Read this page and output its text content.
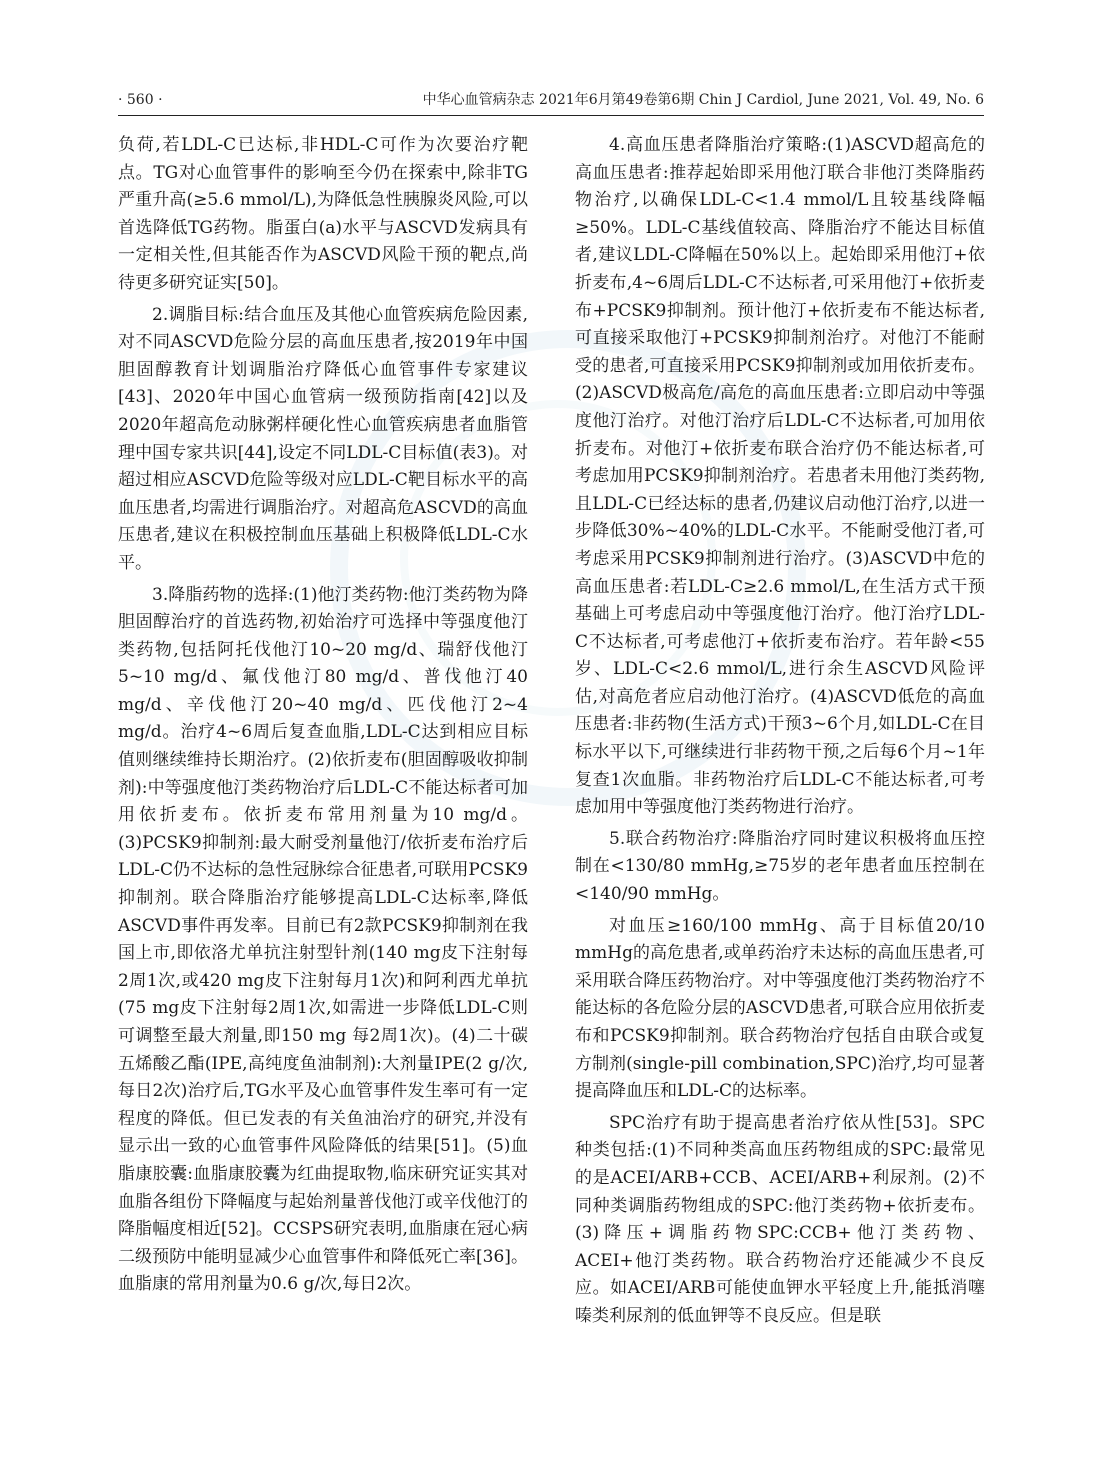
· 560 ·	中华心血管病杂志 2021年6月第49卷第6期 Chin J Cardiol, June 2021, Vol. 49, No. 6

负荷,若LDL-C已达标,非HDL-C可作为次要治疗靶点。TG对心血管事件的影响至今仍在探索中,除非TG严重升高(≥5.6 mmol/L),为降低急性胰腺炎风险,可以首选降低TG药物。脂蛋白(a)水平与ASCVD发病具有一定相关性,但其能否作为ASCVD风险干预的靶点,尚待更多研究证实[50]。

2.调脂目标:结合血压及其他心血管疾病危险因素,对不同ASCVD危险分层的高血压患者,按2019年中国胆固醇教育计划调脂治疗降低心血管事件专家建议[43]、2020年中国心血管病一级预防指南[42]以及2020年超高危动脉粥样硬化性心血管疾病患者血脂管理中国专家共识[44],设定不同LDL-C目标值(表3)。对超过相应ASCVD危险等级对应LDL-C靶目标水平的高血压患者,均需进行调脂治疗。对超高危ASCVD的高血压患者,建议在积极控制血压基础上积极降低LDL-C水平。

3.降脂药物的选择:(1)他汀类药物:他汀类药物为降胆固醇治疗的首选药物,初始治疗可选择中等强度他汀类药物,包括阿托伐他汀10~20 mg/d、瑞舒伐他汀5~10 mg/d、氟伐他汀80 mg/d、普伐他汀40 mg/d、辛伐他汀20~40 mg/d、匹伐他汀2~4 mg/d。治疗4~6周后复查血脂,LDL-C达到相应目标值则继续维持长期治疗。(2)依折麦布(胆固醇吸收抑制剂):中等强度他汀类药物治疗后LDL-C不能达标者可加用依折麦布。依折麦布常用剂量为10 mg/d。(3)PCSK9抑制剂:最大耐受剂量他汀/依折麦布治疗后LDL-C仍不达标的急性冠脉综合征患者,可联用PCSK9抑制剂。联合降脂治疗能够提高LDL-C达标率,降低ASCVD事件再发率。目前已有2款PCSK9抑制剂在我国上市,即依洛尤单抗注射型针剂(140 mg皮下注射每2周1次,或420 mg皮下注射每月1次)和阿利西尤单抗(75 mg皮下注射每2周1次,如需进一步降低LDL-C则可调整至最大剂量,即150 mg 每2周1次)。(4)二十碳五烯酸乙酯(IPE,高纯度鱼油制剂):大剂量IPE(2 g/次,每日2次)治疗后,TG水平及心血管事件发生率可有一定程度的降低。但已发表的有关鱼油治疗的研究,并没有显示出一致的心血管事件风险降低的结果[51]。(5)血脂康胶囊:血脂康胶囊为红曲提取物,临床研究证实其对血脂各组份下降幅度与起始剂量普伐他汀或辛伐他汀的降脂幅度相近[52]。CCSPS研究表明,血脂康在冠心病二级预防中能明显减少心血管事件和降低死亡率[36]。血脂康的常用剂量为0.6 g/次,每日2次。

4.高血压患者降脂治疗策略:(1)ASCVD超高危的高血压患者:推荐起始即采用他汀联合非他汀类降脂药物治疗,以确保LDL-C<1.4 mmol/L且较基线降幅≥50%。LDL-C基线值较高、降脂治疗不能达目标值者,建议LDL-C降幅在50%以上。起始即采用他汀+依折麦布,4~6周后LDL-C不达标者,可采用他汀+依折麦布+PCSK9抑制剂。预计他汀+依折麦布不能达标者,可直接采取他汀+PCSK9抑制剂治疗。对他汀不能耐受的患者,可直接采用PCSK9抑制剂或加用依折麦布。(2)ASCVD极高危/高危的高血压患者:立即启动中等强度他汀治疗。对他汀治疗后LDL-C不达标者,可加用依折麦布。对他汀+依折麦布联合治疗仍不能达标者,可考虑加用PCSK9抑制剂治疗。若患者未用他汀类药物,且LDL-C已经达标的患者,仍建议启动他汀治疗,以进一步降低30%~40%的LDL-C水平。不能耐受他汀者,可考虑采用PCSK9抑制剂进行治疗。(3)ASCVD中危的高血压患者:若LDL-C≥2.6 mmol/L,在生活方式干预基础上可考虑启动中等强度他汀治疗。他汀治疗LDL-C不达标者,可考虑他汀+依折麦布治疗。若年龄<55岁、LDL-C<2.6 mmol/L,进行余生ASCVD风险评估,对高危者应启动他汀治疗。(4)ASCVD低危的高血压患者:非药物(生活方式)干预3~6个月,如LDL-C在目标水平以下,可继续进行非药物干预,之后每6个月~1年复查1次血脂。非药物治疗后LDL-C不能达标者,可考虑加用中等强度他汀类药物进行治疗。

5.联合药物治疗:降脂治疗同时建议积极将血压控制在<130/80 mmHg,≥75岁的老年患者血压控制在<140/90 mmHg。

对血压≥160/100 mmHg、高于目标值20/10 mmHg的高危患者,或单药治疗未达标的高血压患者,可采用联合降压药物治疗。对中等强度他汀类药物治疗不能达标的各危险分层的ASCVD患者,可联合应用依折麦布和PCSK9抑制剂。联合药物治疗包括自由联合或复方制剂(single-pill combination,SPC)治疗,均可显著提高降血压和LDL-C的达标率。

SPC治疗有助于提高患者治疗依从性[53]。SPC种类包括:(1)不同种类高血压药物组成的SPC:最常见的是ACEI/ARB+CCB、ACEI/ARB+利尿剂。(2)不同种类调脂药物组成的SPC:他汀类药物+依折麦布。(3)降压+调脂药物SPC:CCB+他汀类药物、ACEI+他汀类药物。联合药物治疗还能减少不良反应。如ACEI/ARB可能使血钾水平轻度上升,能抵消噻嗪类利尿剂的低血钾等不良反应。但是联
